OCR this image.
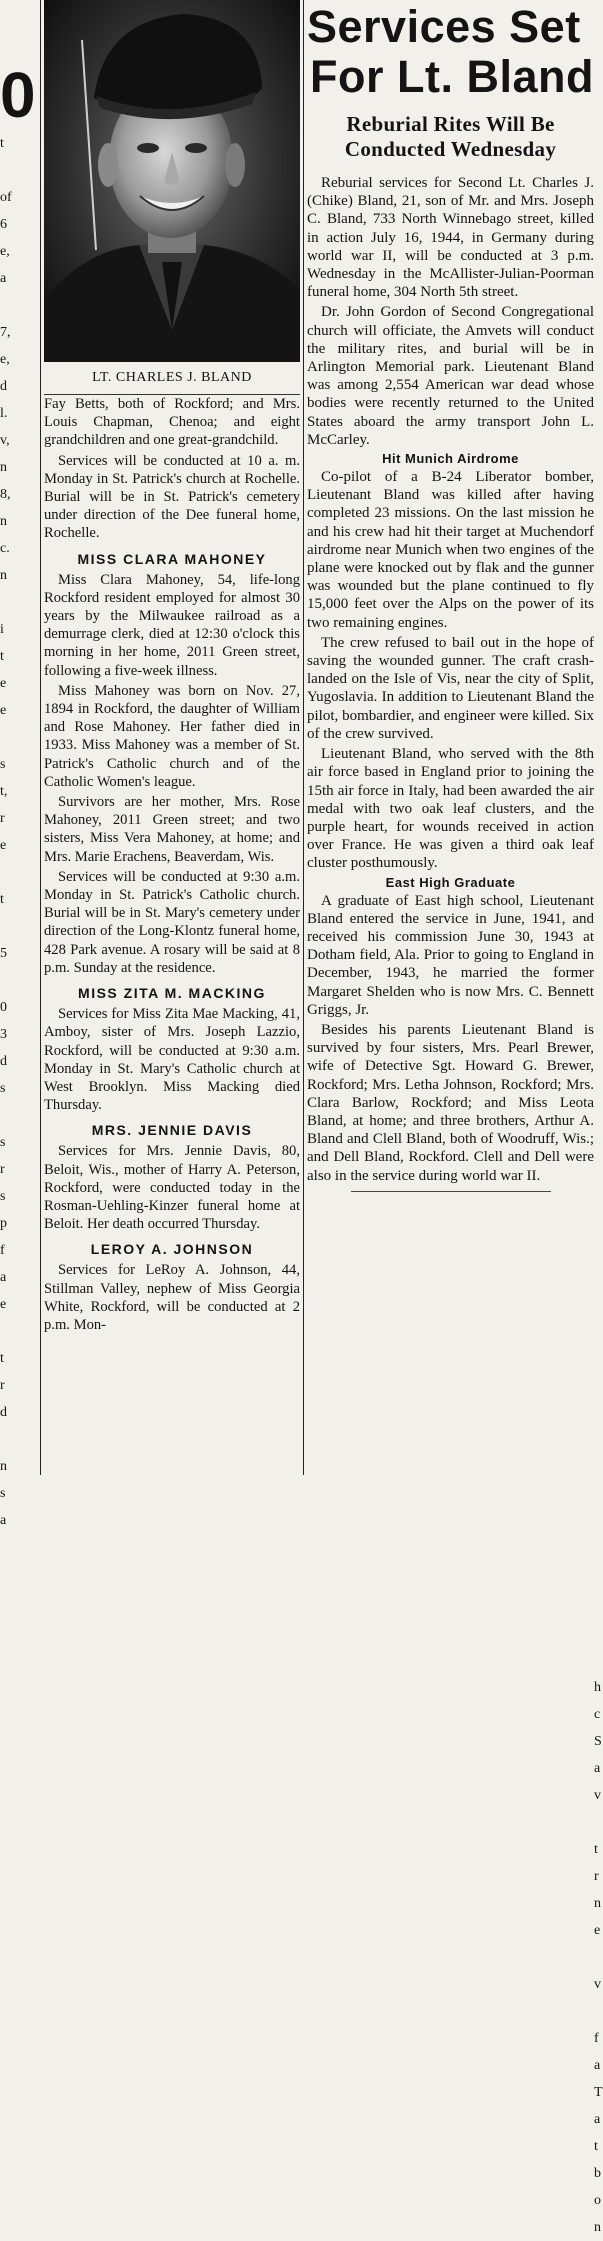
0
t
of
6
e,
a
7,
e,
d
l.
v,
n
8,
n
c.
n
i
t
e
e
s
t,
r
e
t
5
0
3
d
s
s
r
s
p
f
a
e
t
r
d
n
s
a
LT. CHARLES J. BLAND

Fay Betts, both of Rockford; and Mrs. Louis Chapman, Chenoa; and eight grandchildren and one great-grandchild.

Services will be conducted at 10 a. m. Monday in St. Patrick's church at Rochelle. Burial will be in St. Patrick's cemetery under direction of the Dee funeral home, Rochelle.

MISS CLARA MAHONEY

Miss Clara Mahoney, 54, life-long Rockford resident employed for almost 30 years by the Milwaukee railroad as a demurrage clerk, died at 12:30 o'clock this morning in her home, 2011 Green street, following a five-week illness.

Miss Mahoney was born on Nov. 27, 1894 in Rockford, the daughter of William and Rose Mahoney. Her father died in 1933. Miss Mahoney was a member of St. Patrick's Catholic church and of the Catholic Women's league.

Survivors are her mother, Mrs. Rose Mahoney, 2011 Green street; and two sisters, Miss Vera Mahoney, at home; and Mrs. Marie Erachens, Beaverdam, Wis.

Services will be conducted at 9:30 a.m. Monday in St. Patrick's Catholic church. Burial will be in St. Mary's cemetery under direction of the Long-Klontz funeral home, 428 Park avenue. A rosary will be said at 8 p.m. Sunday at the residence.

MISS ZITA M. MACKING

Services for Miss Zita Mae Macking, 41, Amboy, sister of Mrs. Joseph Lazzio, Rockford, will be conducted at 9:30 a.m. Monday in St. Mary's Catholic church at West Brooklyn. Miss Macking died Thursday.

MRS. JENNIE DAVIS

Services for Mrs. Jennie Davis, 80, Beloit, Wis., mother of Harry A. Peterson, Rockford, were conducted today in the Rosman-Uehling-Kinzer funeral home at Beloit. Her death occurred Thursday.

LEROY A. JOHNSON

Services for LeRoy A. Johnson, 44, Stillman Valley, nephew of Miss Georgia White, Rockford, will be conducted at 2 p.m. Mon-

Services Set
For Lt. Bland
Reburial Rites Will Be Conducted Wednesday

Reburial services for Second Lt. Charles J. (Chike) Bland, 21, son of Mr. and Mrs. Joseph C. Bland, 733 North Winnebago street, killed in action July 16, 1944, in Germany during world war II, will be conducted at 3 p.m. Wednesday in the McAllister-Julian-Poorman funeral home, 304 North 5th street.

Dr. John Gordon of Second Congregational church will officiate, the Amvets will conduct the military rites, and burial will be in Arlington Memorial park. Lieutenant Bland was among 2,554 American war dead whose bodies were recently returned to the United States aboard the army transport John L. McCarley.

Hit Munich Airdrome

Co-pilot of a B-24 Liberator bomber, Lieutenant Bland was killed after having completed 23 missions. On the last mission he and his crew had hit their target at Muchendorf airdrome near Munich when two engines of the plane were knocked out by flak and the gunner was wounded but the plane continued to fly 15,000 feet over the Alps on the power of its two remaining engines.

The crew refused to bail out in the hope of saving the wounded gunner. The craft crash-landed on the Isle of Vis, near the city of Split, Yugoslavia. In addition to Lieutenant Bland the pilot, bombardier, and engineer were killed. Six of the crew survived.

Lieutenant Bland, who served with the 8th air force based in England prior to joining the 15th air force in Italy, had been awarded the air medal with two oak leaf clusters, and the purple heart, for wounds received in action over France. He was given a third oak leaf cluster posthumously.

East High Graduate

A graduate of East high school, Lieutenant Bland entered the service in June, 1941, and received his commission June 30, 1943 at Dotham field, Ala. Prior to going to England in December, 1943, he married the former Margaret Shelden who is now Mrs. C. Bennett Griggs, Jr.

Besides his parents Lieutenant Bland is survived by four sisters, Mrs. Pearl Brewer, wife of Detective Sgt. Howard G. Brewer, Rockford; Mrs. Letha Johnson, Rockford; Mrs. Clara Barlow, Rockford; and Miss Leota Bland, at home; and three brothers, Arthur A. Bland and Clell Bland, both of Woodruff, Wis.; and Dell Bland, Rockford. Clell and Dell were also in the service during world war II.

h
c
S
a
v
t
r
n
e
v
f
a
T
a
t
b
o
n
